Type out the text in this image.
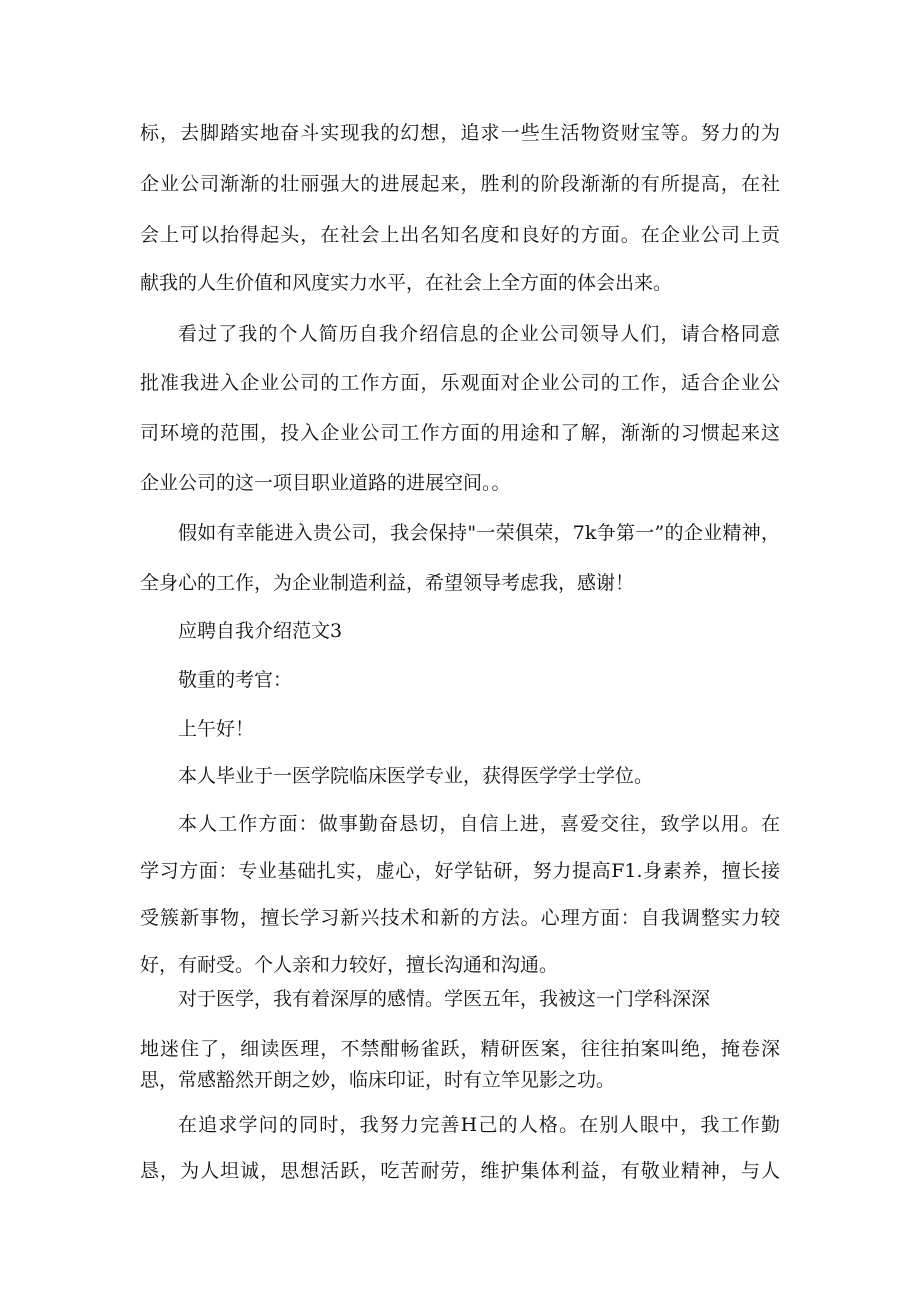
标，去脚踏实地奋斗实现我的幻想，追求一些生活物资财宝等。努力的为
企业公司渐渐的壮丽强大的进展起来，胜利的阶段渐渐的有所提高，在社
会上可以抬得起头，在社会上出名知名度和良好的方面。在企业公司上贡
献我的人生价值和风度实力水平，在社会上全方面的体会出来。
看过了我的个人简历自我介绍信息的企业公司领导人们，请合格同意
批准我进入企业公司的工作方面，乐观面对企业公司的工作，适合企业公
司环境的范围，投入企业公司工作方面的用途和了解，渐渐的习惯起来这
企业公司的这一项目职业道路的进展空间。。
假如有幸能进入贵公司，我会保持"一荣俱荣，7k争第一”的企业精神，
全身心的工作，为企业制造利益，希望领导考虑我，感谢！
应聘自我介绍范文3
敬重的考官：
上午好！
本人毕业于一医学院临床医学专业，获得医学学士学位。
本人工作方面：做事勤奋恳切，自信上进，喜爱交往，致学以用。在
学习方面：专业基础扎实，虚心，好学钻研，努力提高F1.身素养，擅长接
受簇新事物，擅长学习新兴技术和新的方法。心理方面：自我调整实力较
好，有耐受。个人亲和力较好，擅长沟通和沟通。
对于医学，我有着深厚的感情。学医五年，我被这一门学科深深
地迷住了，细读医理，不禁酣畅雀跃，精研医案，往往拍案叫绝，掩卷深
思，常感豁然开朗之妙，临床印证，时有立竿见影之功。
在追求学问的同时，我努力完善H己的人格。在别人眼中，我工作勤
恳，为人坦诚，思想活跃，吃苦耐劳，维护集体利益，有敬业精神，与人
